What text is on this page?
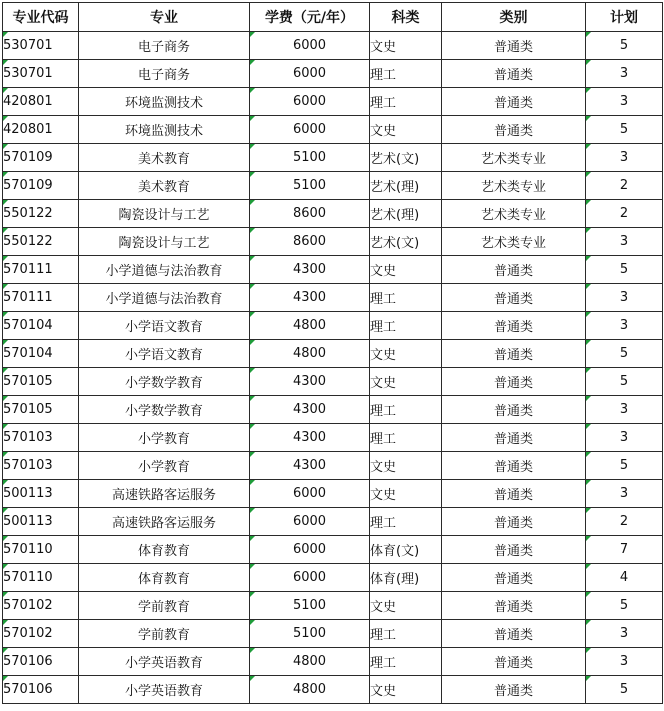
专业代码	专业	学费（元/年）	科类	类别	计划
530701	电子商务	6000	文史	普通类	5
530701	电子商务	6000	理工	普通类	3
420801	环境监测技术	6000	理工	普通类	3
420801	环境监测技术	6000	文史	普通类	5
570109	美术教育	5100	艺术(文)	艺术类专业	3
570109	美术教育	5100	艺术(理)	艺术类专业	2
550122	陶瓷设计与工艺	8600	艺术(理)	艺术类专业	2
550122	陶瓷设计与工艺	8600	艺术(文)	艺术类专业	3
570111	小学道德与法治教育	4300	文史	普通类	5
570111	小学道德与法治教育	4300	理工	普通类	3
570104	小学语文教育	4800	理工	普通类	3
570104	小学语文教育	4800	文史	普通类	5
570105	小学数学教育	4300	文史	普通类	5
570105	小学数学教育	4300	理工	普通类	3
570103	小学教育	4300	理工	普通类	3
570103	小学教育	4300	文史	普通类	5
500113	高速铁路客运服务	6000	文史	普通类	3
500113	高速铁路客运服务	6000	理工	普通类	2
570110	体育教育	6000	体育(文)	普通类	7
570110	体育教育	6000	体育(理)	普通类	4
570102	学前教育	5100	文史	普通类	5
570102	学前教育	5100	理工	普通类	3
570106	小学英语教育	4800	理工	普通类	3
570106	小学英语教育	4800	文史	普通类	5
